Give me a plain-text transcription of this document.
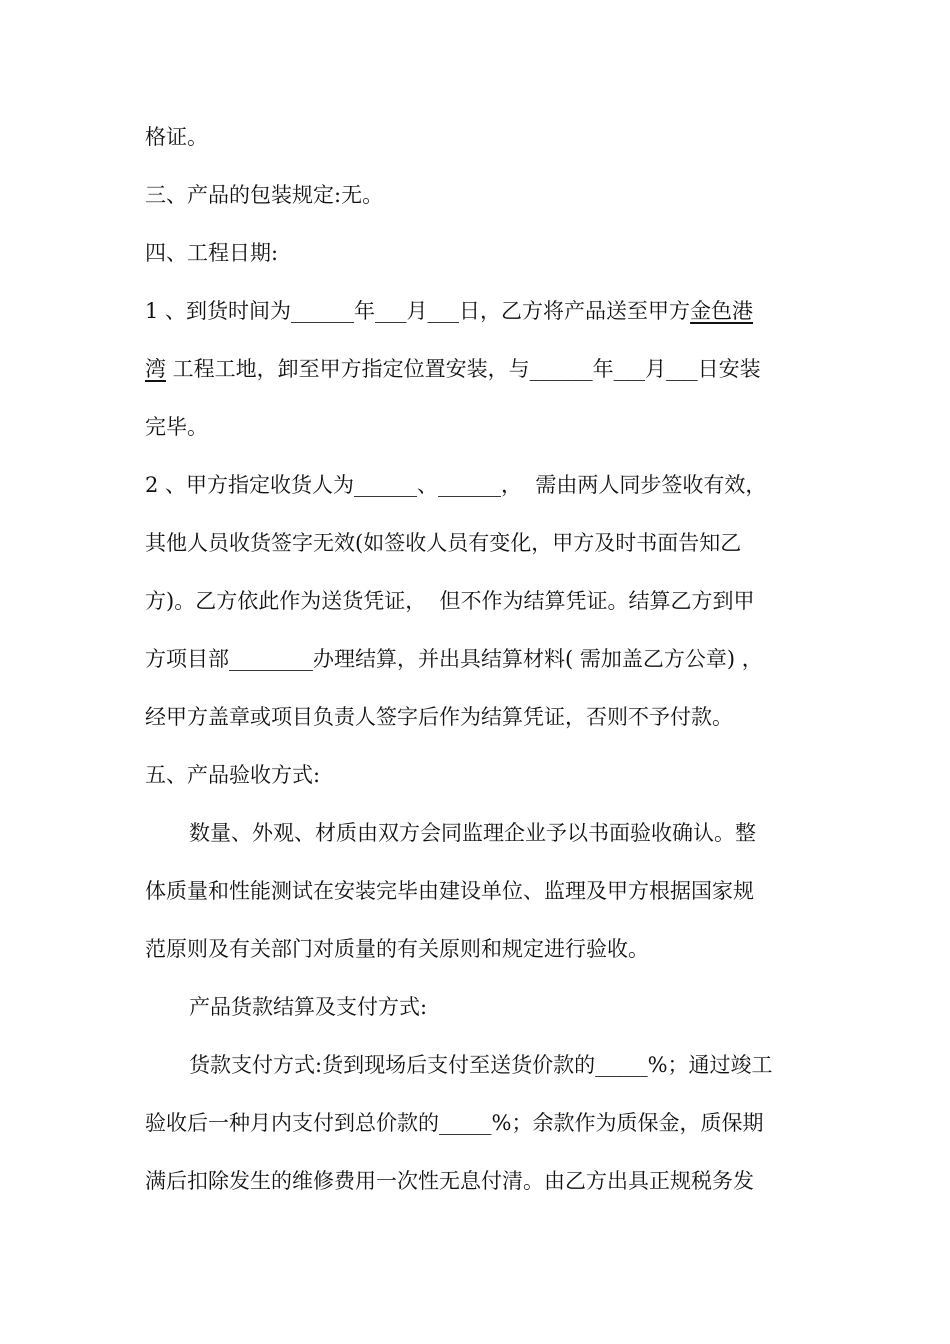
格证。
三、产品的包装规定:无。
四、工程日期:
1 、到货时间为______年___月___日，乙方将产品送至甲方金色港
湾 工程工地，卸至甲方指定位置安装，与______年___月___日安装
完毕。
2 、甲方指定收货人为______、______，  需由两人同步签收有效，
其他人员收货签字无效(如签收人员有变化，甲方及时书面告知乙
方)。乙方依此作为送货凭证，  但不作为结算凭证。结算乙方到甲
方项目部________办理结算，并出具结算材料( 需加盖乙方公章) ，
经甲方盖章或项目负责人签字后作为结算凭证，否则不予付款。
五、产品验收方式:
数量、外观、材质由双方会同监理企业予以书面验收确认。整
体质量和性能测试在安装完毕由建设单位、监理及甲方根据国家规
范原则及有关部门对质量的有关原则和规定进行验收。
产品货款结算及支付方式:
货款支付方式:货到现场后支付至送货价款的_____%；通过竣工
验收后一种月内支付到总价款的_____%；余款作为质保金，质保期
满后扣除发生的维修费用一次性无息付清。由乙方出具正规税务发
